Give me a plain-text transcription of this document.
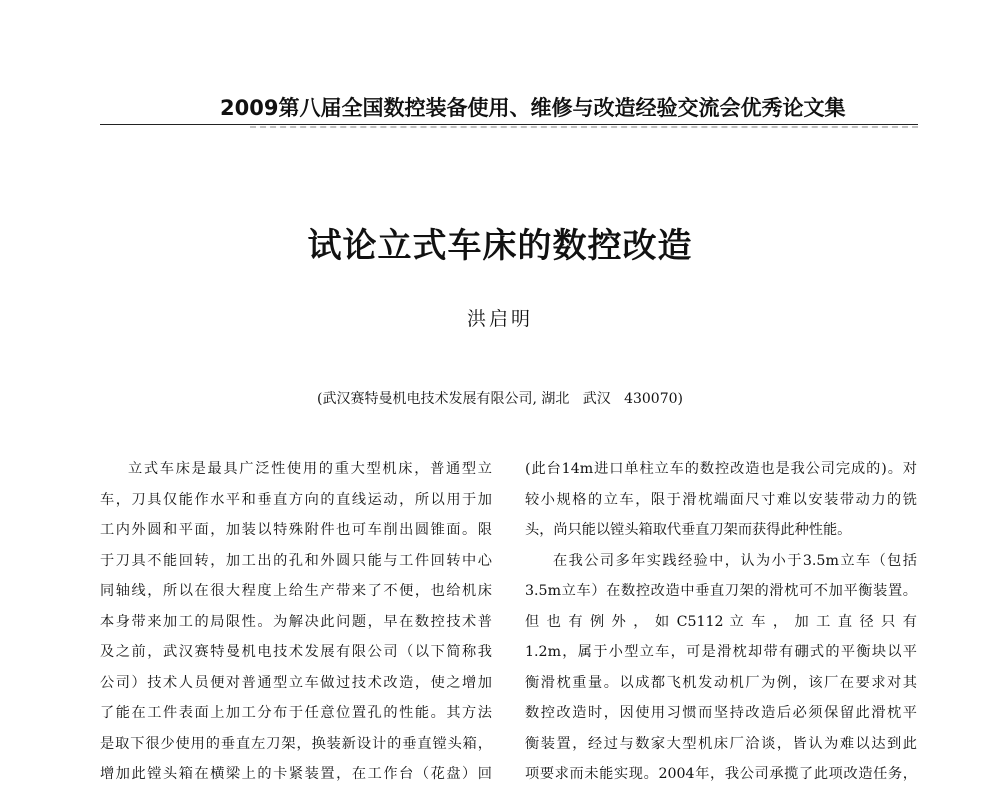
2009第八届全国数控装备使用、维修与改造经验交流会优秀论文集
试论立式车床的数控改造
洪启明
(武汉赛特曼机电技术发展有限公司, 湖北   武汉   430070)
立式车床是最具广泛性使用的重大型机床，普通型立
车，刀具仅能作水平和垂直方向的直线运动，所以用于加
工内外圆和平面，加装以特殊附件也可车削出圆锥面。限
于刀具不能回转，加工出的孔和外圆只能与工件回转中心
同轴线，所以在很大程度上给生产带来了不便，也给机床
本身带来加工的局限性。为解决此问题，早在数控技术普
及之前，武汉赛特曼机电技术发展有限公司（以下简称我
公司）技术人员便对普通型立车做过技术改造，使之增加
了能在工件表面上加工分布于任意位置孔的性能。其方法
是取下很少使用的垂直左刀架，换装新设计的垂直镗头箱，
增加此镗头箱在横梁上的卡紧装置，在工作台（花盘）回
(此台14m进口单柱立车的数控改造也是我公司完成的)。对
较小规格的立车，限于滑枕端面尺寸难以安装带动力的铣
头，尚只能以镗头箱取代垂直刀架而获得此种性能。
在我公司多年实践经验中，认为小于3.5m立车（包括
3.5m立车）在数控改造中垂直刀架的滑枕可不加平衡装置。
但 也 有 例 外 ， 如 C5112 立 车 ， 加 工 直 径 只 有
1.2m，属于小型立车，可是滑枕却带有硼式的平衡块以平
衡滑枕重量。以成都飞机发动机厂为例，该厂在要求对其
数控改造时，因使用习惯而坚持改造后必须保留此滑枕平
衡装置，经过与数家大型机床厂洽谈，皆认为难以达到此
项要求而未能实现。2004年，我公司承揽了此项改造任务，
